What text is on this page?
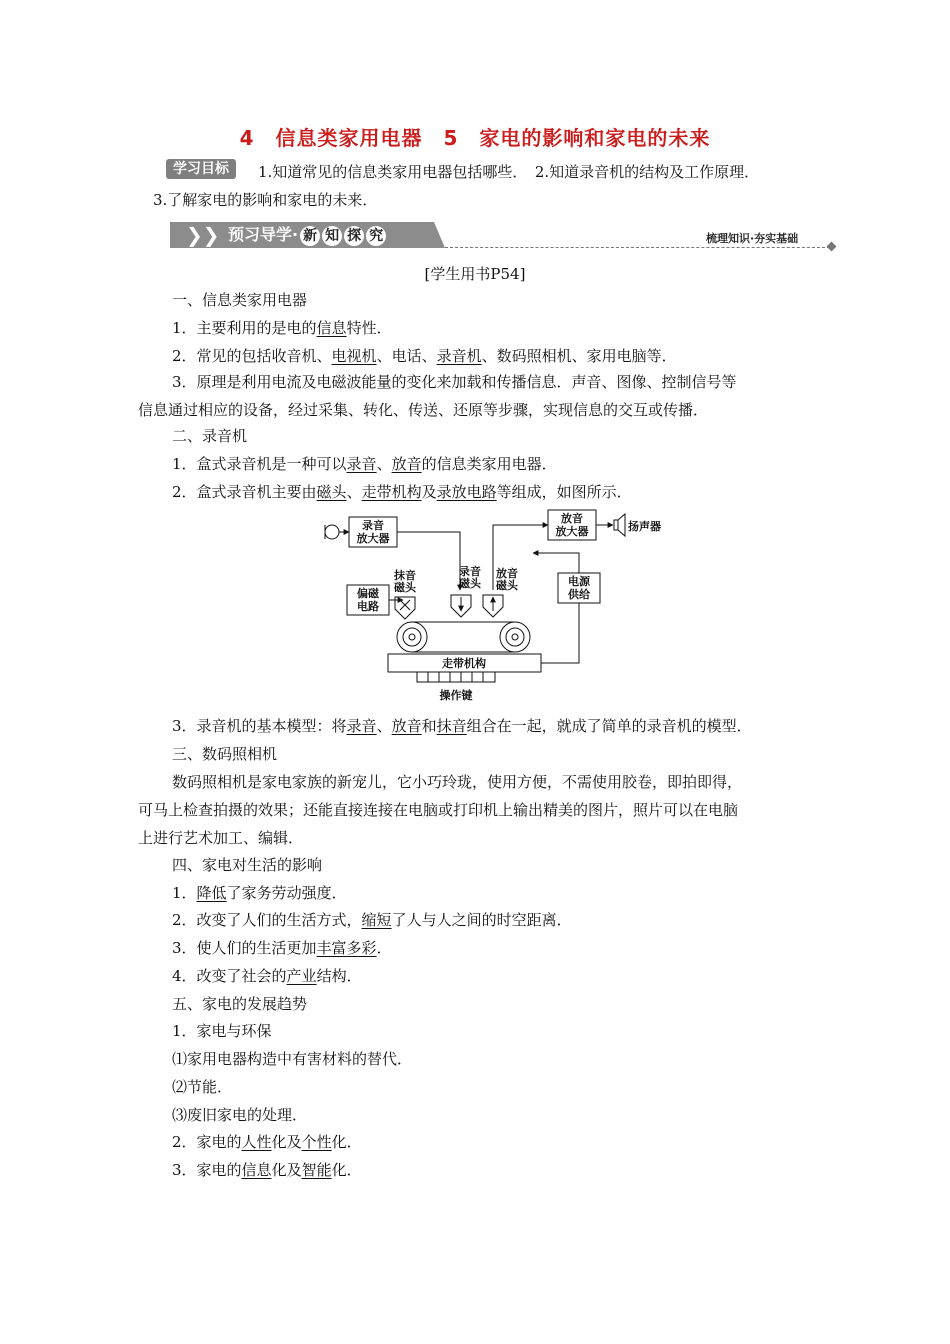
4　信息类家用电器　5　家电的影响和家电的未来
学习目标	1.知道常见的信息类家用电器包括哪些．　2.知道录音机的结构及工作原理．
3.了解家电的影响和家电的未来．
❯❯ 预习导学· 新 知 探 究	梳理知识·夯实基础
[学生用书P54]
一、信息类家用电器
1．主要利用的是电的信息特性．
2．常见的包括收音机、电视机、电话、录音机、数码照相机、家用电脑等．
3．原理是利用电流及电磁波能量的变化来加载和传播信息．声音、图像、控制信号等
信息通过相应的设备，经过采集、转化、传送、还原等步骤，实现信息的交互或传播．
二、录音机
1．盒式录音机是一种可以录音、放音的信息类家用电器．
2．盒式录音机主要由磁头、走带机构及录放电路等组成，如图所示．
录音
放大器
放音
放大器	扬声器
偏磁
电路
抹音
磁头
录音
磁头
放音
磁头	电源
供给
走带机构
操作键
3．录音机的基本模型：将录音、放音和抹音组合在一起，就成了简单的录音机的模型．
三、数码照相机
数码照相机是家电家族的新宠儿，它小巧玲珑，使用方便，不需使用胶卷，即拍即得，
可马上检查拍摄的效果；还能直接连接在电脑或打印机上输出精美的图片，照片可以在电脑
上进行艺术加工、编辑．
四、家电对生活的影响
1．降低了家务劳动强度．
2．改变了人们的生活方式，缩短了人与人之间的时空距离．
3．使人们的生活更加丰富多彩．
4．改变了社会的产业结构．
五、家电的发展趋势
1．家电与环保
⑴家用电器构造中有害材料的替代．
⑵节能．
⑶废旧家电的处理．
2．家电的人性化及个性化．
3．家电的信息化及智能化．
